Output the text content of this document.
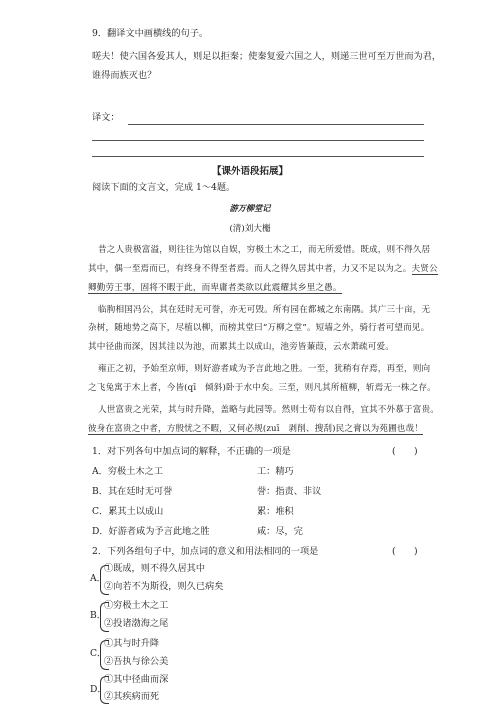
9．翻译文中画横线的句子。
嗟夫！使六国各爱其人，则足以拒秦；使秦复爱六国之人，则递三世可至万世而为君，
谁得而族灭也？
译文：
【课外语段拓展】
阅读下面的文言文，完成 1～4题。
游万柳堂记
(清)刘大櫆
昔之人贵极富溢，则往往为馆以自娱，穷极土木之工，而无所爱惜。既成，则不得久居
其中，偶一至焉而已，有终身不得至者焉。而人之得久居其中者，力又不足以为之。夫贤公
卿勤劳王事，固将不暇于此，而卑庸者类欲以此震耀其乡里之愚。
临朐相国冯公，其在廷时无可誉，亦无可毁。所有园在都城之东南隅。其广三十亩，无
杂树，随地势之高下，尽植以柳，而榜其堂曰“万柳之堂”。短墙之外，骑行者可望而见。
其中径曲而深，因其洼以为池，而累其土以成山，池旁皆蒹葭，云水萧疏可爱。
雍正之初，予始至京师，则好游者咸为予言此地之胜。一至，犹稍有存焉，再至，则向
之飞兔寓于木上者，今皆(qī　倾斜)卧于水中矣。三至，则凡其所植柳，斩焉无一株之存。
人世富贵之光荣，其与时升降，盖略与此园等。然则士苟有以自得，宜其不外慕于富贵。
彼身在富贵之中者，方殷忧之不暇，又何必规(zuī　剥削、搜刮)民之膏以为苑圃也哉！
1．对下列各句中加点词的解释，不正确的一项是	(　　)
A．穷极土木之工	工：精巧
B．其在廷时无可誉	誉：指责、非议
C．累其土以成山	累：堆积
D．好游者咸为予言此地之胜	咸：尽，完
2．下列各组句子中，加点词的意义和用法相同的一项是	(　　)
A．
①既成，则不得久居其中
②向若不为斯役，则久已病矣
B．
①穷极土木之工
②投诸渤海之尾
C．
①其与时升降
②吾执与徐公美
D．
①其中径曲而深
②其疾病而死
